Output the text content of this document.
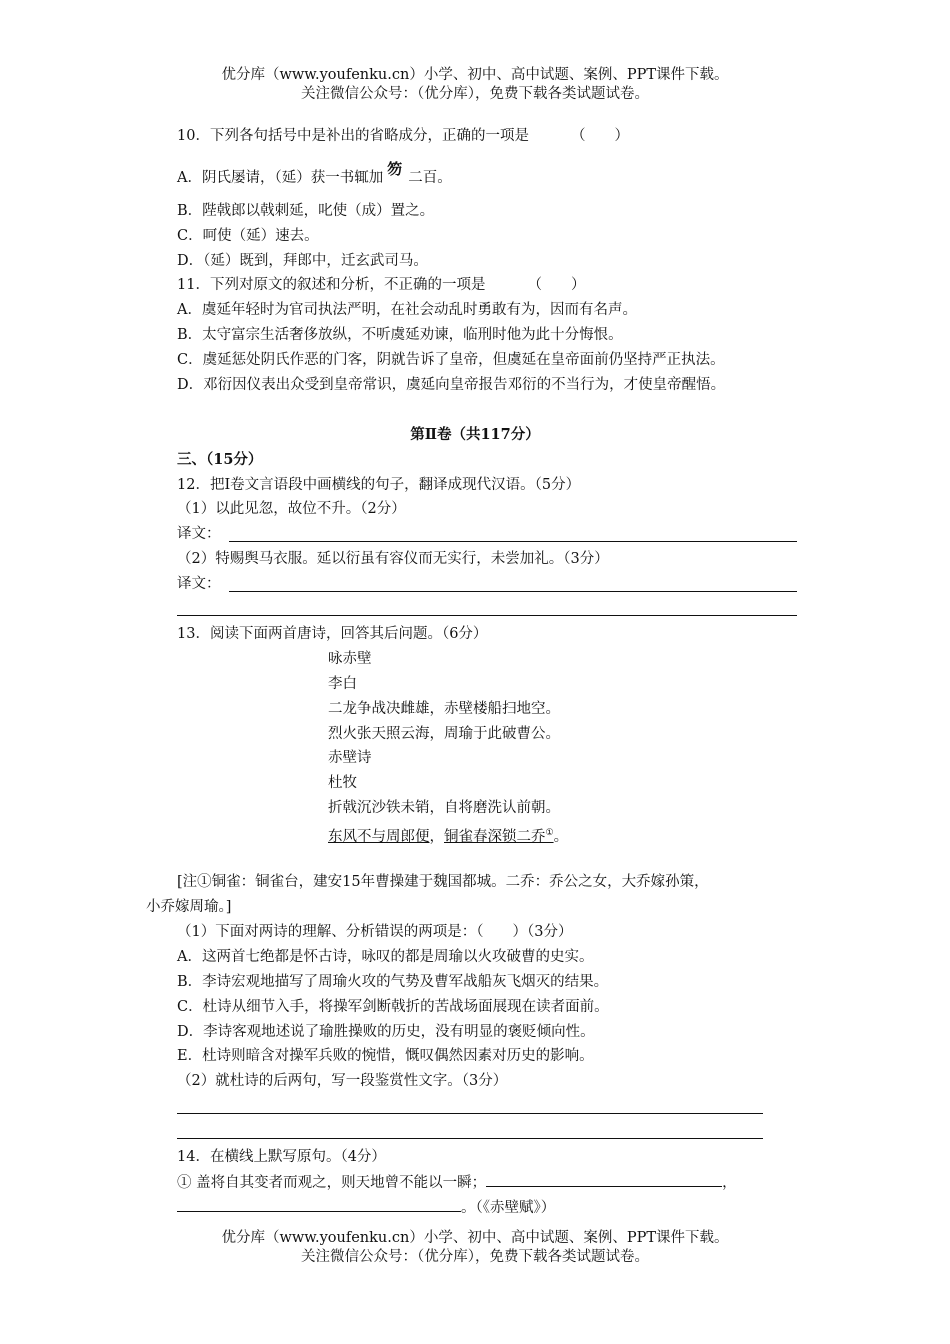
优分库（www.youfenku.cn）小学、初中、高中试题、案例、PPT课件下载。
关注微信公众号：（优分库），免费下载各类试题试卷。
10．下列各句括号中是补出的省略成分，正确的一项是	（　　）
A．阴氏屡请，（延）获一书辄加 笏 二百。
B．陛戟郎以戟刺延，叱使（成）置之。
C．呵使（延）速去。
D．（延）既到，拜郎中，迁玄武司马。
11．下列对原文的叙述和分析，不正确的一项是	（　　）
A．虞延年轻时为官司执法严明，在社会动乱时勇敢有为，因而有名声。
B．太守富宗生活奢侈放纵，不听虞延劝谏，临刑时他为此十分悔恨。
C．虞延惩处阴氏作恶的门客，阴就告诉了皇帝，但虞延在皇帝面前仍坚持严正执法。
D．邓衍因仪表出众受到皇帝常识，虞延向皇帝报告邓衍的不当行为，才使皇帝醒悟。
第Ⅱ卷（共117分）
三、（15分）
12．把Ⅰ卷文言语段中画横线的句子，翻译成现代汉语。（5分）
（1）以此见忽，故位不升。（2分）
译文：
（2）特赐舆马衣服。延以衍虽有容仪而无实行，未尝加礼。（3分）
译文：
13．阅读下面两首唐诗，回答其后问题。（6分）
咏赤壁
李白
二龙争战决雌雄，赤壁楼船扫地空。
烈火张天照云海，周瑜于此破曹公。
赤壁诗
杜牧
折戟沉沙铁未销，自将磨洗认前朝。
东风不与周郎便，铜雀春深锁二乔①。
[注①铜雀：铜雀台，建安15年曹操建于魏国都城。二乔：乔公之女，大乔嫁孙策，
小乔嫁周瑜。]
（1）下面对两诗的理解、分析错误的两项是：（　　）（3分）
A．这两首七绝都是怀古诗，咏叹的都是周瑜以火攻破曹的史实。
B．李诗宏观地描写了周瑜火攻的气势及曹军战船灰飞烟灭的结果。
C．杜诗从细节入手，将操军剑断戟折的苦战场面展现在读者面前。
D．李诗客观地述说了瑜胜操败的历史，没有明显的褒贬倾向性。
E．杜诗则暗含对操军兵败的惋惜，慨叹偶然因素对历史的影响。
（2）就杜诗的后两句，写一段鉴赏性文字。（3分）
14．在横线上默写原句。（4分）
① 盖将自其变者而观之，则天地曾不能以一瞬；	，
。（《赤壁赋》）
优分库（www.youfenku.cn）小学、初中、高中试题、案例、PPT课件下载。
关注微信公众号：（优分库），免费下载各类试题试卷。
